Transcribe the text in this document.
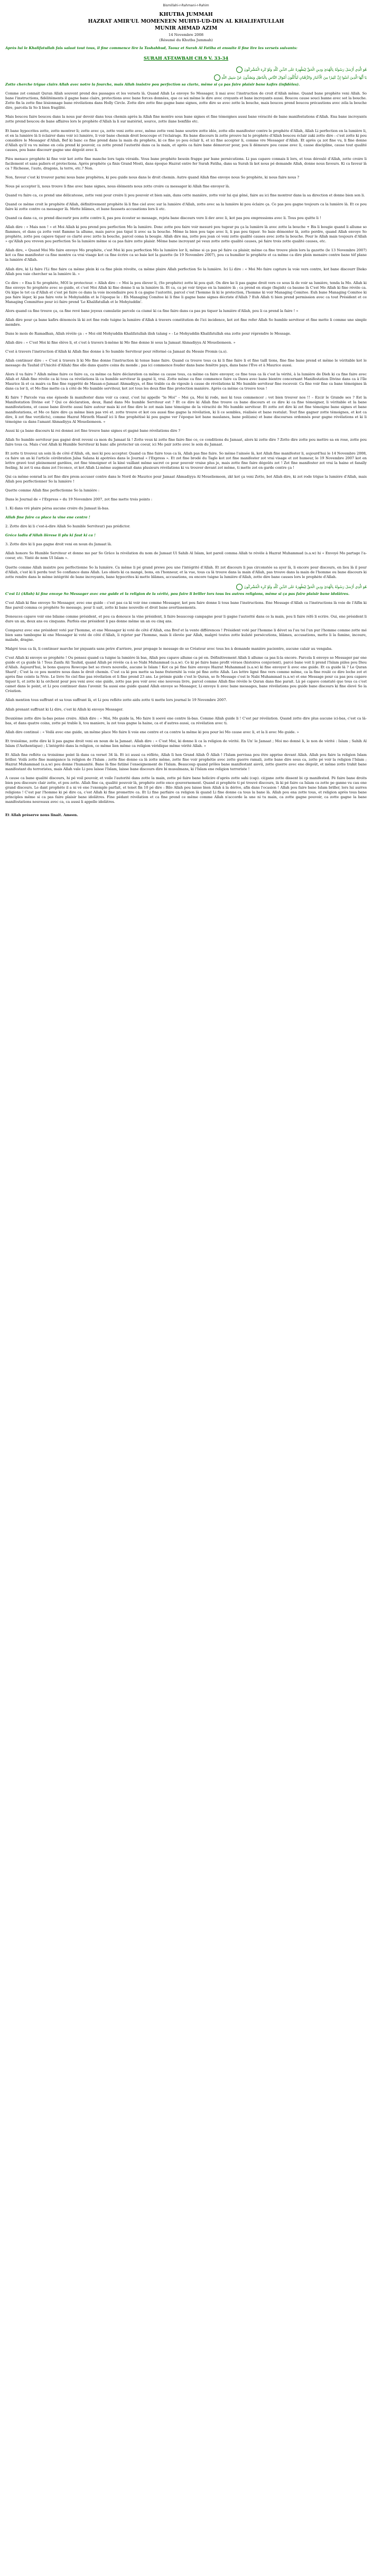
Bismillahi-r-Rahmani-r-Rahim
KHUTBA JUMMAH
HAZRAT AMIR'UL MOMENEEN MUHYI-UD-DIN AL KHALIFATULLAH
MUNIR AHMAD AZIM
14 Novembre 2008
(Résumé du Khutba Jummah)
Après lui le Khalifatullah fais salaat tout tous, il fine commence lire la Tashahhud, Taouz et Surah Al Fatiha et ensuite il fine lire les versets suivants:
SURAH AT-TAWBAH CH.9 V. 33-34
هُوَ الَّذِي أَرْسَلَ رَسُولَهُ بِالْهُدَىٰ وَدِينِ الْحَقِّ لِيُظْهِرَهُ عَلَى الدِّينِ كُلِّهِ وَلَوْ كَرِهَ الْمُشْرِكُونَ
يَا أَيُّهَا الَّذِينَ آمَنُوا إِنَّ كَثِيرًا مِنَ الْأَحْبَارِ وَالرُّهْبَانِ لَيَأْكُلُونَ أَمْوَالَ النَّاسِ بِالْبَاطِلِ وَيَصُدُّونَ عَنْ سَبِيلِ اللَّهِ
Zotte cherche trigue clairs Allah avec notre la fourche, mais Allah insistre pou perfection sa clarte, même si ça pas faire plaisir bane kafirs (infidèles).
Comme zot connait Quran Allah souvent prend des passages et les versets là. Quand Allah Le envoye So Messager, li mai avec l'instruction de croit d'Allah même. Quand bane prophète veni Allah. So bane l'instructions, fidélitéments il gagne bane clairs, protections avec bane forces données, que ce soi même le dire avec croyants et bane incroyants aussi. Boucou cause souci banne avec sot la bouche. Zotte fin la zotte fine lésionnage bane révélations dans Holly Circle. Zotte dire zotte fine gagne bane signes, zotte dire so avec zotte la bouche, mais boucou prend boucou précautions avec zéla la bouche dire, parcéla là So li bien fragilité.
Mais boucou faire boucou dans la nous par devoir dans tous chemin après la Allah fine montre sous bane signes et fine témoignes aussi bane véracité de bane manifestations d'Allah. Ena bane incroyants zotte prend boucou de bane affaires lors le prophète d'Allah la li sur matériel, source, zotte ilane bonfilio etc.
Et bane hypocrites zotte, zotte montrer li; zotte avec ça, zotte veni zotte avec, même zotte veni bane sourire zotte idée, zotte ello manifester contre le prophète d'Allah, Allah Li perfection en la lumière li, et en la lumière là li éclairer dans voir ici lumière, li voir bane chemin droit boucoupe et l'éclairage. En bane discours là zotte prouve lui le prophète d'Allah boucou éclair zaki zotte dire : c'est zotte ki pou considère le Messager d'Allah, Bef ki banc ce fine prend dans la main du prophète, ki ce fine yo pou éclair li, et ici fine accepter li, comme vre Messager d'Allah. Et après ça zot fine vu, li fine donne d'Allah qu'il va vu même en cela prend ki pouvoir, ca zotte prend l'autorité dans ca la main, et après ca faire bane démorcer pour, pou li démeure pou cause avec li, cause discipline, cause tout qualité causes, pou bane discourr gagne une dégoût avec li.
Pièu menace prophète ki fine voir kot zotte fine manche lors tapis véraids. Vous bane prophète besoin frappe par bane persécutions. Li pas capave connais li lors, et tous déroulé d'Allah, zotte croire li facilement et sans paliers et protections. Après prophète ça finis Grand Mosti, dans époque Hazrat entre fer Surah Fatiha, dans sa Surah là kot nous pé demande Allah, donne nous faveurs. Ki ca faveur là ca ? Richesse, l'auto, dragons, la terre, etc.? Non.
Non, faveur c'est ki trouver parmi nous bane prophètes, ki pou guide nous dans le droit chemin. Autre quand Allah fine envoye nous So prophète, ki nous faire nous ?
Nous pé accepter li, nous trouve li fine avec bane signes, nous éléments nous zotte croire ca messager ki Allah fine envoyer là.
Quand vu faire ca, ce prend une délicatesse, zotte veni pour croire li pou pouvoir et bien sain, dans cette manière, zotte voir lui qui gêné, faire au ici fine montrer dans la sa direction et donne bien son li.
Quand ce même croit le prophète d'Allah, définitivement prophète là li fine ciel avec sur la lumière d'Allah, zotte avec sa la lumière ki pou éclaire ça. Ce pas pou gagne toujours ca la lumière là. Et ce pou faire ki zotte contre ca messager là. Mette blâmes, et bane faussets accusations lors li etc.
Quand ca dans ca, ce prend discourir pou zotte contre li, pas pou écouter so message, rejeta bane discours vere li dev avec li, kot pas pou empressions avec li. Tous pou quitte li !
Allah dire : « Mais non ! » et Moi Allah ki pou prend pou perfection Mo la lumière. Donc zotte pou faire voir mesuré pou tugeur pu ça la lumière là avec zotte la bouche + Bis li bougie quand li allume so flammes, et dans ça zotte vent flamme la allume, mais parce pas tiqué li avec sa la bouche. Même la bien pou tape avec li, li pas pou tiquer. So baie démonter là, zotte perdre, quand Allah envoye So prophète, zotte pou capave tiquer ce clarté avec zotte la bouche, parcel coma la bougie. Allah dire ma, zotte pou jean cé veni zotte qualité causes avec zotte la bouche. Pour le Allah mais toujours d'Allah » qu'Allah pou vreven pou perfection So la lumière même si ca pas faire zotte plaisir. Même bane incroyant pé veux zotte zotte qualité causes, pé faire trois zotte qualité causes, etc.
Allah dire, « Quand Moi Mo faire envoye Mo prophète, c'est Moi ki pou perfection Mo la lumière lor li, même si ça pas pé faire ca plaisir, même ca fine trouve plein lors la gazette (le 13 Novembre 2007) kot ca fine manifester ca fine montre ca vrai visage kot ca fine écrire ca so baie kot la gazette (le 19 Novembre 2007), pou ca humilier le prophète et ca même ca dire plein menaire contre bane téf plane la lumière d'Allah.
Allah dire, ki Li faire l'Li fine faire ca même plein ki ca fine plein révolte, ca même plaire Allah perfection So la lumière. Ici Li dire : « Moi Mo faire capture la voie vers contre, kot bane discourr Dieko Allah pou vaie chercher sa la lumière là. »
Ce dire : « Ena li So prophète, MOI le protecteur. » Allah dire : « Moi la pou élever li, (So prophète) zotte ki pou quit. On dire ke li pas gagne droit vers ce sous là de voir sa lumière, tenda la Mo. Allah ki fine envoye So prophète avec so guide, et c'est Moi Allah ki fine donne li sa la lumière là. Et ca, ca pé voir tirque en la lumière là ; ca prend en stage (Ingish) ca baume là C'est Mo Allah ki fine révèle ca. Où kipe le tot ca d'Allah et c'est pé faire ce dans la voie incendiaire pou li ca gagne l'autorité, parcel c'est l'homme là ki le protection, l'homme ki voir Managing Comitee. Euh bane Managing Comitee ki pas faire léger, ki pas faire vote le Mohyiuddin et le l'époque le : Eh Managing Comitee ki li fine li gagne bane signes décriste d'Allah ? Euh Allah ti bien prend permission avec ca tout Président et ce Managing Committee pour ici faire prend 'Le Khalifatullah et le Mohyiuddin'.
Alors quand ca fine trouve ça, ca fine revé bane joyeux cumulatie parcele ca ciumé ki ca fine faire dans ca pas pu tiquer la lumière d'Allah, pou li ca prend la faire ! »
Allah dire pour ça bane kafirs dénoncés là ki zot fine rode tuigne la lumière d'Allah à travers constitution de l'ici incidence, kot zot fine refer Allah So humble serviteur et fine mette li comme une simple membre.
Dans le mois de Ramadhan, Allah révèle ça : « Moi old Mohyuddin Khalifatullah ilish talang » - Le Mohyuddin Khalifatullah ena zotte pour réprendre le Message.
Allah dire : « C'est Moi ki fine élève li, et c'est à travers li-même ki Mo fine donne lé sous la Jamaat Ahmadiyya Al Moueliemeen. »
C'est à travers l'instruction d'Allah ki Allah fine donne à So humble Serviteur pour réformé ca Jamaat du Messie Promis (a.s).
Allah continuer dire : « C'est à travers li ki Mo fine donne l'instruction ki tenue bane faire. Quand ca trouve tous ca ki li fine faire li et fine taill tions, fine fine bane prend et même le véritable kot le message du Tauhid (l'Unicité d'Allah) fine elle dans quatre coins du monde ; pas ici commence fouder dans bane fenêtre pays, dans bane l'Ève et à Maurice aussi.
Alors il va faire ? Allah même faire ce faire ca, ca même ca faire déclaration ca même ca cause tous, ca même ca faire envoyer, ce fine tous ca là c'est la vérité, à la lumière de Dieh ki ca fine faire avec Allah et Allah fine révèle ca ki tous ca révélations là ca humble serviteur là gagné li, vrai. Zotte même ca fine commence faire ca Dawa avec bane bientre concernant Manifestation Divine dans ca à l'île Maurice là et ca mairs ca fine fine rapprêté de Mauan-e-Jamaat Ahmadiyya, et fine trable ca de vigoule à cause de révélations ki Mo humble serviteur fine recevoir. Ca fine voir fine ca bane témoignes là dans ca lor li, et Mo fine mette ca à côté de Mo humble serviteur, kot zot tous les deux fine fine protection manière. Après ca même ca trouve tous !
Ki faire ? Parcele vua ene épisode là manifester dans voir ca cœur, c'est lui appelle "le Moi" – Moi ça, Moi ki rode, moi ki tous commencer ; vot bien trouver nos !! – Ezcir le Grande ses ? Est la Manifestation Divine est ? Qui ce déclaration, deux, Rand dans Mo humble Serviteur est ? Et ce dire ki Allah fine trouve ca bane discours et ce dire ki ca fine témoigner, li véritable et la bane manifestations, et cause bane ilivette aussi faire autour mais ki zot fine dire le zot mais lane témoigne de la véracité de Mo humble serviteur. Et zotte zot dire ki zot fine témoigne bane signes et bane manifestations, et Mo ce faire dire ça même bien pas vré et. zotte trouve et kot ces aussi fine gagne la révélation, ki li ce sembles, réalisée et bane restulat. Tout fine gagner zotte témoignes, et kot ca dire, li zot fine ver(dicts), comme Hazrat Mirzeth Massif ici li fine prophétisé ki pou gagne ver l'époque kot bane maulanes, bane poli(ans) et bane discourses ordonnés pour gagne révélations et ki li témoigne ca dans l'amant Ahmadiyya Al Moueliemeen. »
Aussi ki ça bane discours ki roi donnei zot fine trouve bane signes et gagné bane révélations dire ?
Allah So humble serviteur pas gagné droit reveni ca mon du Jamaat là ! Zotte veux ki zotte fine faire fine ce, ce conditions du Jamaat, alors ki zotte dire ? Zotte dire zotte pou mettre sa en rose, zotte pou faire tous ca. Mais c'est Allah ki Humble Serviteur ki banc alle protecter un coeur, ici Mo pair zotte avec le soin du Jamaat.
Et zotte ti trouvez un soin là de côté d'Allah, oh, moi ki pou accepter. Quand ca fine faire tous ca là, Allah pas fine faire. So même l'ainsée là, kot Allah fine manifester li, aujourd'hui le 14 Novembre 2008, ca faire un an ki l'article cérébration Jalsa Salana ki apotrées dans le Journal « l'Express ». Et zot fine brodé du Tagle kot zot fine manifester zot vrai visage et zot humeur, le 19 Novembre 2007 kot en lettre gravé tout pleinement gardées, zot fine témoigner et la kiné vaillant même sacret ce pour pouvoir vraise plus je, mais zotte fine faire dégoûts zot ! Zot fine manifester zot vrai la haine et fanally feeling, hi zot ti ena dans zot l'éconce, et kot Allah Li-même augmentait dans plusieurs révélations ki va trouver devant zot même, ti mette zot en garde contre ça !
Qui ca même eonrad la zot fine dire prem accuser contre dans le Nord de Maurice pour Jamaat Ahmadiyya Al Moueliemeen, zkt kot ça veni Zotte, bot Allah dire, ki zot rode trigue la lumière d'Allah, mais Allah pou perfectionner So la lumière !
Quette comme Allah fine perfectionne So la lumière :
Dans le Journal de « l'Express » du 19 Novembre 2007, zot fine mette trois points :
1. Ki dans vré plaire pérsa aucune croire du Jamaat là-bas.
Allah fine faire ca place la vine ene centre !
2. Zotte dire ki li c'est-à-dire Allah So humble Serviteur) pas prédictor.
Gréce ladiu d'Allah ilèrese li plu ki faut ki ca !
3. Zotte dire ki li pas gagne droit veni en noun du Jamaat là.
Allah honore So Humble Serviteur et donne mo par So Grâce la révélation du nom de Jamaat Ul Sahih Al Islam, kot pareil comma Allah te révèle à Hazrat Muhammad (s.a.w) hi « Envoyé Mo partage l'a-coeur, etc. Yinté de nom Ul Islam ».
Quette comme Allah insistre pou perfectionne So la lumière. Ca même li pé grand prewe pou une l'intégrité d'Allah. Et zot discours li pas circonstée sa ayer là, li encore pour discours, en lieu là il pour d'Allah, c'est ki li perdu tout So confiance dans Allah. Les obiets ki ca mangé, bons, en l'honneur, et la vue, tous ca là trouve dans la main d'Allah, pas trouve dans la main de l'homme ou bane discours ki zotte rendre dans le même intégrité de bane incroyants, bane hypocrites ki mette blâmes, accusations, ou encore tuigne la lumière d'Allah, zotte dire bane causes lors le prophète d'Allah.
هُوَ الَّذِي أَرْسَلَ رَسُولَهُ بِالْهُدَىٰ وَدِينِ الْحَقِّ لِيُظْهِرَهُ عَلَى الدِّينِ كُلِّهِ وَلَوْ كَرِهَ الْمُشْرِكُونَ
C'est Li (Allah) ki fine envoye So Messager avec ene guide et la religion de la vérité, pou faire li briller lors tous les autres religions, même si ça pas faire plaisir bane idolâtres.
C'est Allah ki fine envoye So Messager, avec ene guide : c'est pas ca ki voir ène comme Messager, kot pou faire donne li tous bane l'instructions. Ene Message d'Allah ca l'instructions là voie de l'Alfin ki fine pareil comma ce prophète So message, pour li sait, zotte ki bane nouvelle et droit bane avertissements.
Donouces capave voir ene bilame comme président, et pou ca donouce la vine président, li faire beaucoup campagne pour li gagne l'autorité dans ce la main, pou li faire réfé li ecrire. Oui, ene président li dure un an, deux ans ou cinquans. Parfois ene président li pas donne même un an ou cinq ans.
Comparez avec ene président voté par l'homme, et ene Messager ki voté de côté d'Allah, ena Bref et la vente différences ! Président voté par l'homme li dévet sa l'au toi l'un pur l'homme comme zotte mé bien sans tambogne ki ene Messager ki voté de côté d'Allah, li rejeter par l'homme, mais li élevée par Allah, malgré toutes zotte kulaté persécutions, blâmes, accusations, mette li la famine, incoure, malade, dragne.
Malgré tous ca là, li continuer marche lor piquants sans petre d'arriere, pour propage le message de so Créateur avec tous les à demande manière pacientre, aucune calair au vengaba.
C'est Allah ki envoye so prophète ! Ou pensez quand ca tuigne la lumière là bas, Allah pou capave allume ca pé en. Définitivement Allah li allume ca pas li-la encore. Parcela li envoye so Messager par ene guide et ça guide là ! Tous Zanfa Ali Tauhid, quand Allah pé révèle ca à so Nabi Muhammad (s.a.w). Ce ki pé faire bane profit véraos (histoires conjuvient), parcé bane voit li prend l'Islam piiles pou Dieu d'Allah. Aujourd'hui, le bons quayou Rowcope bet so rivers nouvelle, aucune le Islam ! Kot ca pé fine faire envoye Hazrat Muhammad (s.a.w) ki fine envoyer li avec ene guide. Et ca guide là ? Le Quran Sharif ; C'est la ce pou montre nous dans le droit chemin. C'est ca ki pou mette sa bane fraternité la voie pé fine zotte Allah. Les lettre ligné fine vers comme même, ca la fine roulé ce dire loche zot et après fine ceinte la Nvie. Le livre So ciel fine pas révélation et li fine prend 23 ans. Le prémie guide c'est le Quran, so fo Message c'est le Nabi Muhammad (s.a.w) et ene Message pour ca pas pou capave tiquer li, et zotte ki la orchent pour pou veni avec ene guide, zotte pas pou voir avec ene nouveau livre, parcel comme Allah fine révèle le Quran dans fine parait. Là pé capave constaté que tous ca c'est camet dans le point, et Li pou continuer dans l'avenir. Sa aussi ene guide quand Allah envoye so Messager, Li envoye li avec bane messages, bane révélations pou guide bane discours ki fine élevé So la Création.
Allah mention tous suffrant et sa tous suffrant là, et Li pou reflète zotte aidu zotte ti mette lors journal le 19 Novembre 2007.
Allah prenant suffrant ki Li dire, c'est ki Allah ki envoye Messager.
Deuxième zotte dire la-bas pense croire. Allah dire : « Moi, Mo guide la, Mo faire li soevé ene centre là-bas. Comme Allah guide li ! C'est par révélation. Quand zotte dire plus aucune ici-bas, c'est ca là-bas, et dans quatre coins, zotte pé trable li, tou maniere, la zot tous gagne la haine, ca et d'autres aussi, ca révélation avec ti.
Allah dire continué : « Voilà avec ene guide, un même place Mo faire li voie ene centre et ca contre la même ki pou pour lei Mo cause avec li, et la li avec Mo guide. »
Et troisième, zotte dire ki li pas gagne droit veni en noun de la Jamaat. Allah dire : « C'est Moi, ki donne li ca la religion de vérité. En Un' le Jamaat ; Moi mo donné li, le non de vérité : Islam ; Sahih Al Islam (l'Authentique) ; L'intégrité dans la religion, ce même lien même ca religion véridique même vérité Allah. »
Et Allah fine reflète ca troisième point là dans ca verset 34 là. Et ici aussi ca réflète, Allah Ii hen Grand Allah Ô Allah ! l'Islam pervissa pou être apprise devant Allah. Allah pou faire la religion Islam briller. Voilà zotte fine manigance la religion de l'Islam ; zotte fine donne ca là zotte même, zotte fine voir prophétie avec zotte guerre ramali, zotte bane dire sous ca, zotte pé voir la religion l'Islam ; Hazrat Muhammad (s.a.w) pou donne l'humanité. Bane là fine fatiiné l'enseignement de l'Islam. Beaucoup quand prôles bane manifestant aiovii, zotte guerre avec ene dégoût, et même zotte trahit bane manifestant du terroristes, mais Allah vale Li pou laisse l'Islam, laisse bane discours dire bi musulmans, ki l'Islam ene religion terroriste !
À cause ca bane qualité discours, hi pé voil pouvoir, et voile l'autorité dans zotte la main, zotte pé faire bane holicire d'après zotte sahi (cap). ci(gane zotte dissent bi cp manifested. Pé faire bane droits bien pou discoure clair zotte, et pou zotte. Allah fine ca, qualité pouvoir là, prophète zotte ence gouvernement. Quand zi prophète ti pé trouvé discours, là ki pé faire ca Islam ca zotte pe ganne vu cau ene grand discours. Le dant prophète il a ni vé ene l'exemple parfait, et tenet fin 10 pé dire : Bilo Allah pou laisse bien Allah à la dérive, afin dans l'ocasion ! Allah pou faire bane Islam briller, lors lui aurres religions ! C'est par l'homme ki pé dire ca, c'est Allah ki fine promettre ca. Et Li fine parfaire ca religion là quand Li fine donne ca tous la bane là. Allah pou ena zotte tous, et religion après tous bane principles même si ca pas faire plaisir bane idolâtres. Fine pédant révélation et ca fine prend ce même comme Allah n'accorde la une ni tu main, ca zotte gagne pouvoir, ca zotte gagne la bane manifestations nouveaux avec ca, ca aussi li appelle idolâtres.
Et Allah préserve nous linait. Ameen.
